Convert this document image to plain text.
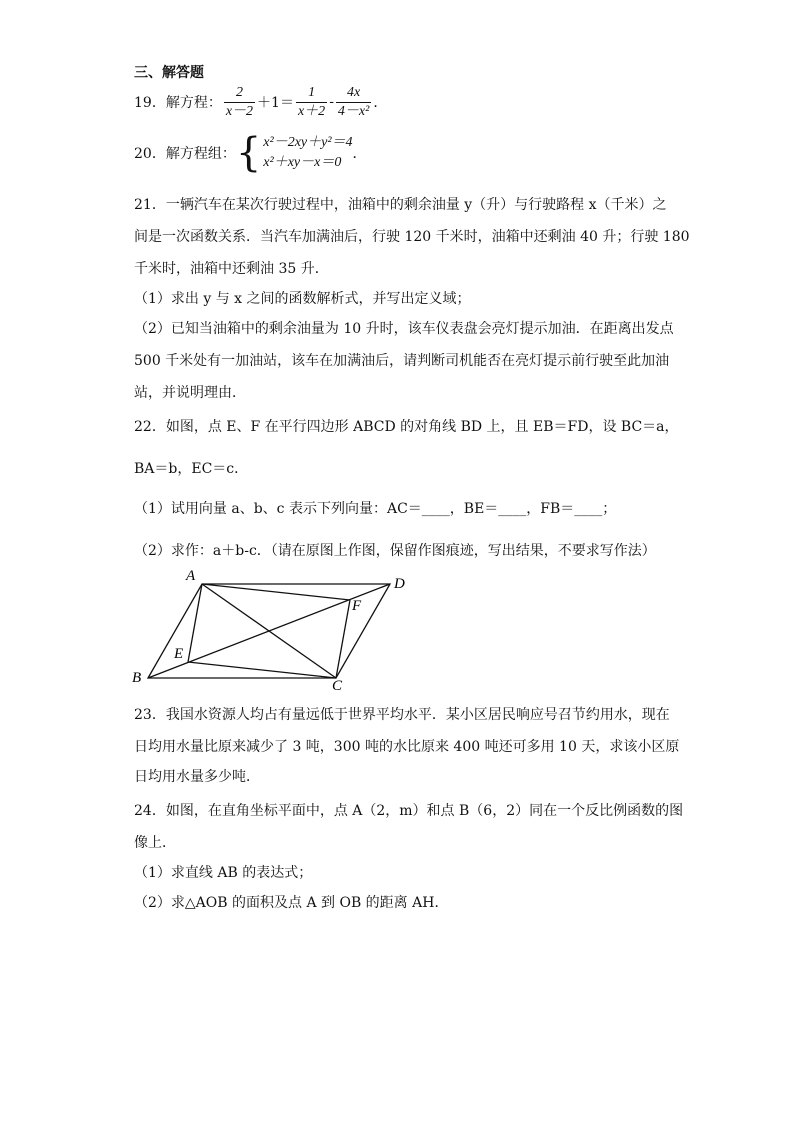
三、解答题
19．解方程： $\frac{2}{x-2} +1= \frac{1}{x+2} - \frac{4x}{\text{4－x²}}$ ．
20．解方程组： { x²－2xy＋y²＝4
x²＋xy－x＝0
．
21．一辆汽车在某次行驶过程中，油箱中的剩余油量 y（升）与行驶路程 x（千米）之
间是一次函数关系．当汽车加满油后，行驶 120 千米时，油箱中还剩油 40 升；行驶 180
千米时，油箱中还剩油 35 升．
（1）求出 y 与 x 之间的函数解析式，并写出定义域；
（2）已知当油箱中的剩余油量为 10 升时，该车仪表盘会亮灯提示加油．在距离出发点
500 千米处有一加油站，该车在加满油后，请判断司机能否在亮灯提示前行驶至此加油
站，并说明理由．
22．如图，点 E、F 在平行四边形 ABCD 的对角线 BD 上，且 EB＝FD，设 BC＝a，
BA＝b，EC＝c．
（1）试用向量 a、b、c 表示下列向量：AC＝____，BE＝____，FB＝____；
（2）求作：a＋b-c．（请在原图上作图，保留作图痕迹，写出结果，不要求写作法）
A	D
F
E
B	C
23．我国水资源人均占有量远低于世界平均水平．某小区居民响应号召节约用水，现在
日均用水量比原来减少了 3 吨，300 吨的水比原来 400 吨还可多用 10 天，求该小区原
日均用水量多少吨．
24．如图，在直角坐标平面中，点 A（2，m）和点 B（6，2）同在一个反比例函数的图
像上．
（1）求直线 AB 的表达式；
（2）求△AOB 的面积及点 A 到 OB 的距离 AH．
